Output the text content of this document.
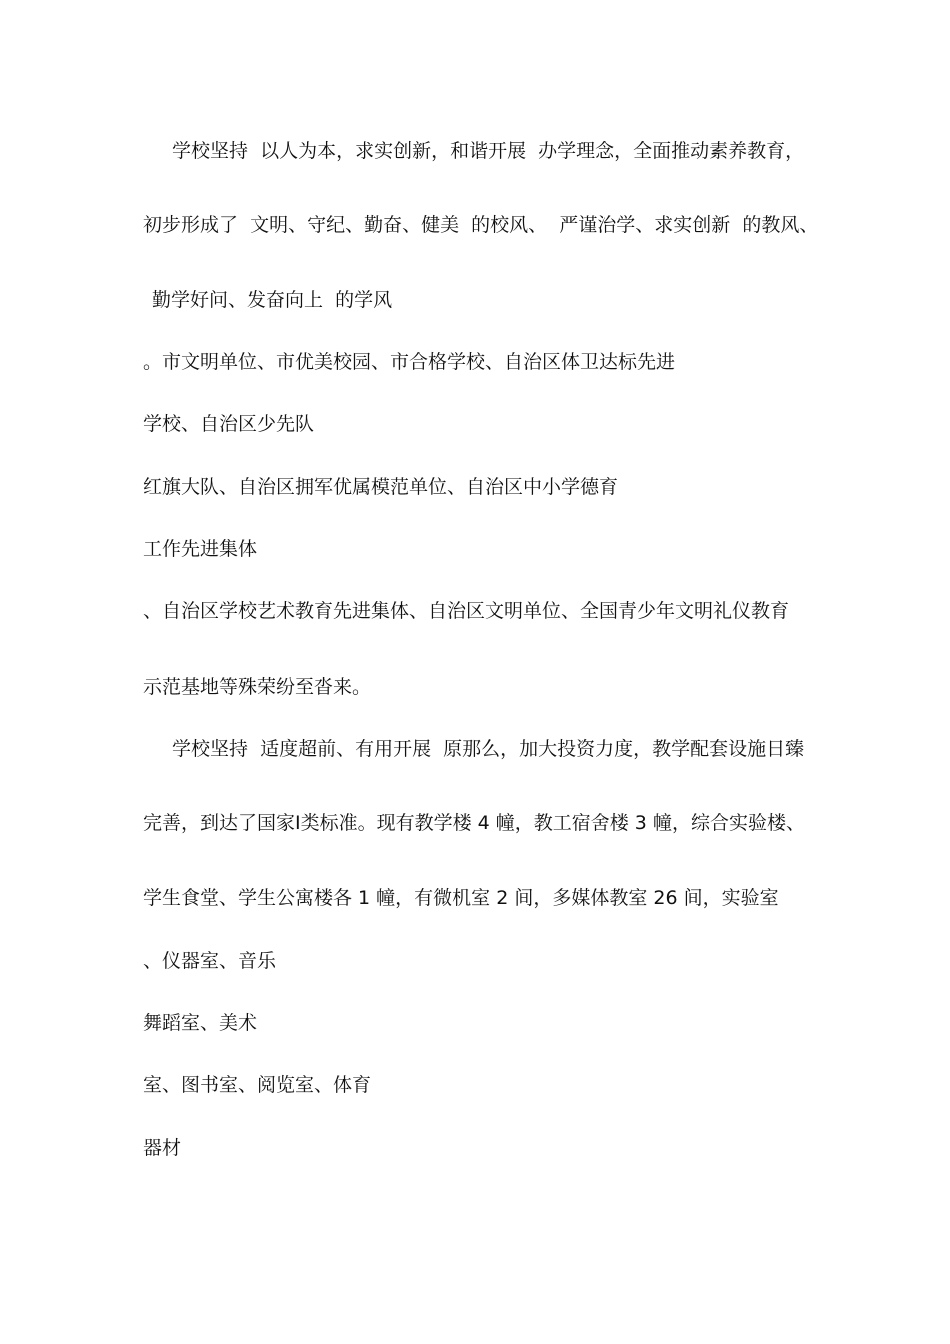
学校坚持  以人为本，求实创新，和谐开展  办学理念，全面推动素养教育，
初步形成了  文明、守纪、勤奋、健美  的校风、  严谨治学、求实创新  的教风、
勤学好问、发奋向上  的学风
。市文明单位、市优美校园、市合格学校、自治区体卫达标先进
学校、自治区少先队
红旗大队、自治区拥军优属模范单位、自治区中小学德育
工作先进集体
、自治区学校艺术教育先进集体、自治区文明单位、全国青少年文明礼仪教育
示范基地等殊荣纷至沓来。
学校坚持  适度超前、有用开展  原那么，加大投资力度，教学配套设施日臻
完善，到达了国家Ⅰ类标准。现有教学楼 4 幢，教工宿舍楼 3 幢，综合实验楼、
学生食堂、学生公寓楼各 1 幢，有微机室 2 间，多媒体教室 26 间，实验室
、仪器室、音乐
舞蹈室、美术
室、图书室、阅览室、体育
器材
